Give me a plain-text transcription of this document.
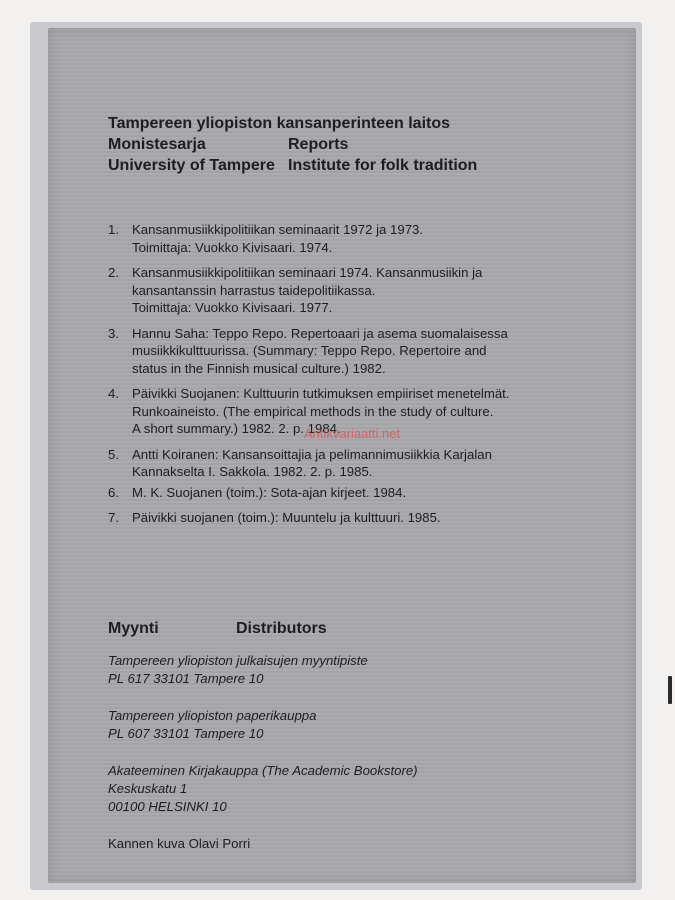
Tampereen yliopiston kansanperinteen laitos
Monistesarja	Reports
University of Tampere Institute for folk tradition
1. Kansanmusiikkipolitiikan seminaarit 1972 ja 1973.
Toimittaja: Vuokko Kivisaari. 1974.
2. Kansanmusiikkipolitiikan seminaari 1974. Kansanmusiikin ja
kansantanssin harrastus taidepolitiikassa.
Toimittaja: Vuokko Kivisaari. 1977.
3. Hannu Saha: Teppo Repo. Repertoaari ja asema suomalaisessa
musiikkikulttuurissa. (Summary: Teppo Repo. Repertoire and
status in the Finnish musical culture.) 1982.
4. Päivikki Suojanen: Kulttuurin tutkimuksen empiiriset menetelmät.
Runkoaineisto. (The empirical methods in the study of culture.
A short summary.) 1982. 2. p. 1984.
5. Antti Koiranen: Kansansoittajia ja pelimannimusiikkia Karjalan
Kannakselta I. Sakkola. 1982. 2. p. 1985.
6. M. K. Suojanen (toim.): Sota-ajan kirjeet. 1984.
7. Päivikki suojanen (toim.): Muuntelu ja kulttuuri. 1985.
Antikvariaatti.net
Myynti	Distributors
Tampereen yliopiston julkaisujen myyntipiste
PL 617 33101 Tampere 10
Tampereen yliopiston paperikauppa
PL 607 33101 Tampere 10
Akateeminen Kirjakauppa (The Academic Bookstore)
Keskuskatu 1
00100 HELSINKI 10
Kannen kuva Olavi Porri
